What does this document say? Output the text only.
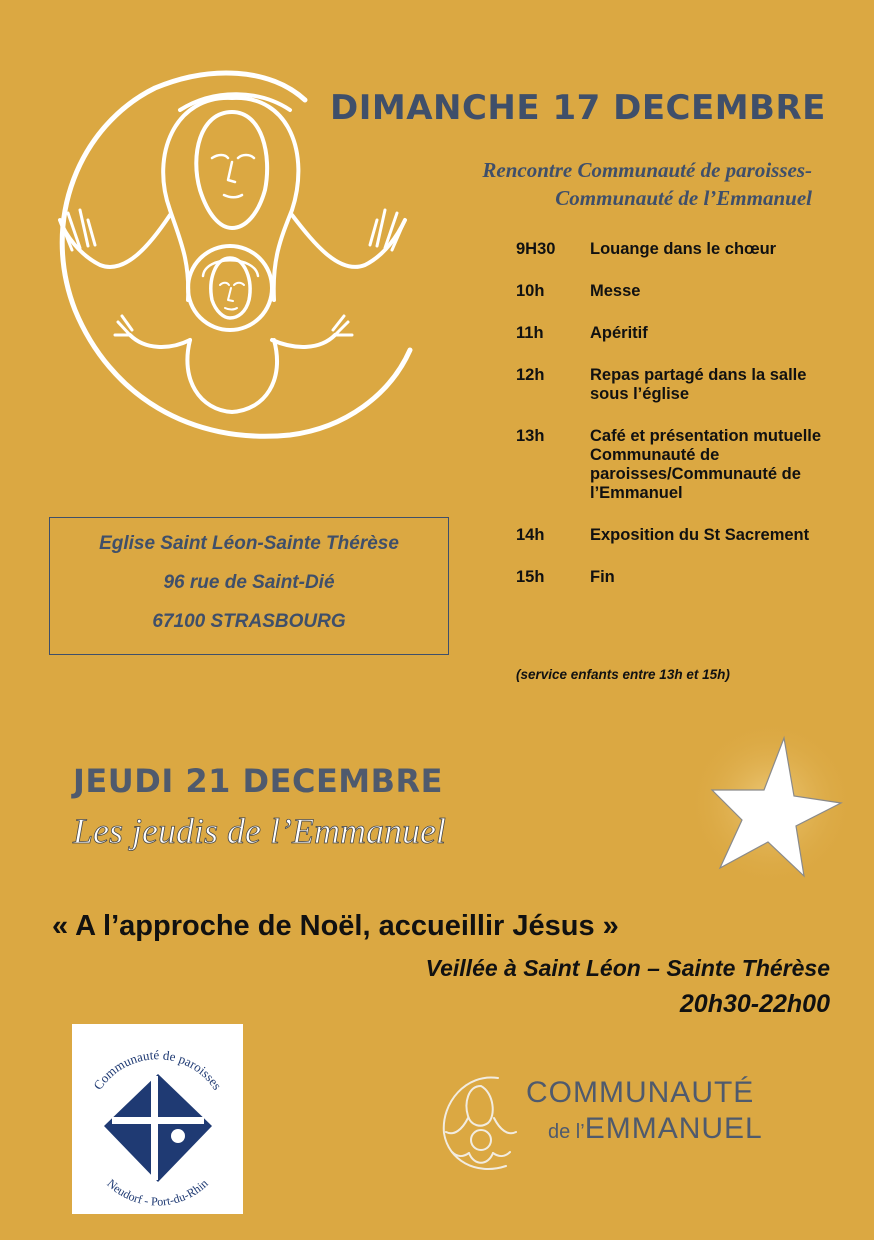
DIMANCHE 17 DECEMBRE
Rencontre Communauté de paroisses-
Communauté de l’Emmanuel
9H30	Louange dans le chœur
10h	Messe
11h	Apéritif
12h	Repas partagé dans la salle sous l’église
13h	Café et présentation mutuelle Communauté de paroisses/Communauté de l’Emmanuel
14h	Exposition du St Sacrement
15h	Fin
(service enfants entre 13h et 15h)
Eglise Saint Léon-Sainte Thérèse
96 rue de Saint-Dié
67100 STRASBOURG
JEUDI 21 DECEMBRE
Les jeudis de l’Emmanuel
« A l’approche de Noël, accueillir Jésus »
Veillée à Saint Léon – Sainte Thérèse
20h30-22h00
Communauté de paroisses
Neudorf - Port-du-Rhin
COMMUNAUTÉ
de l’EMMANUEL
